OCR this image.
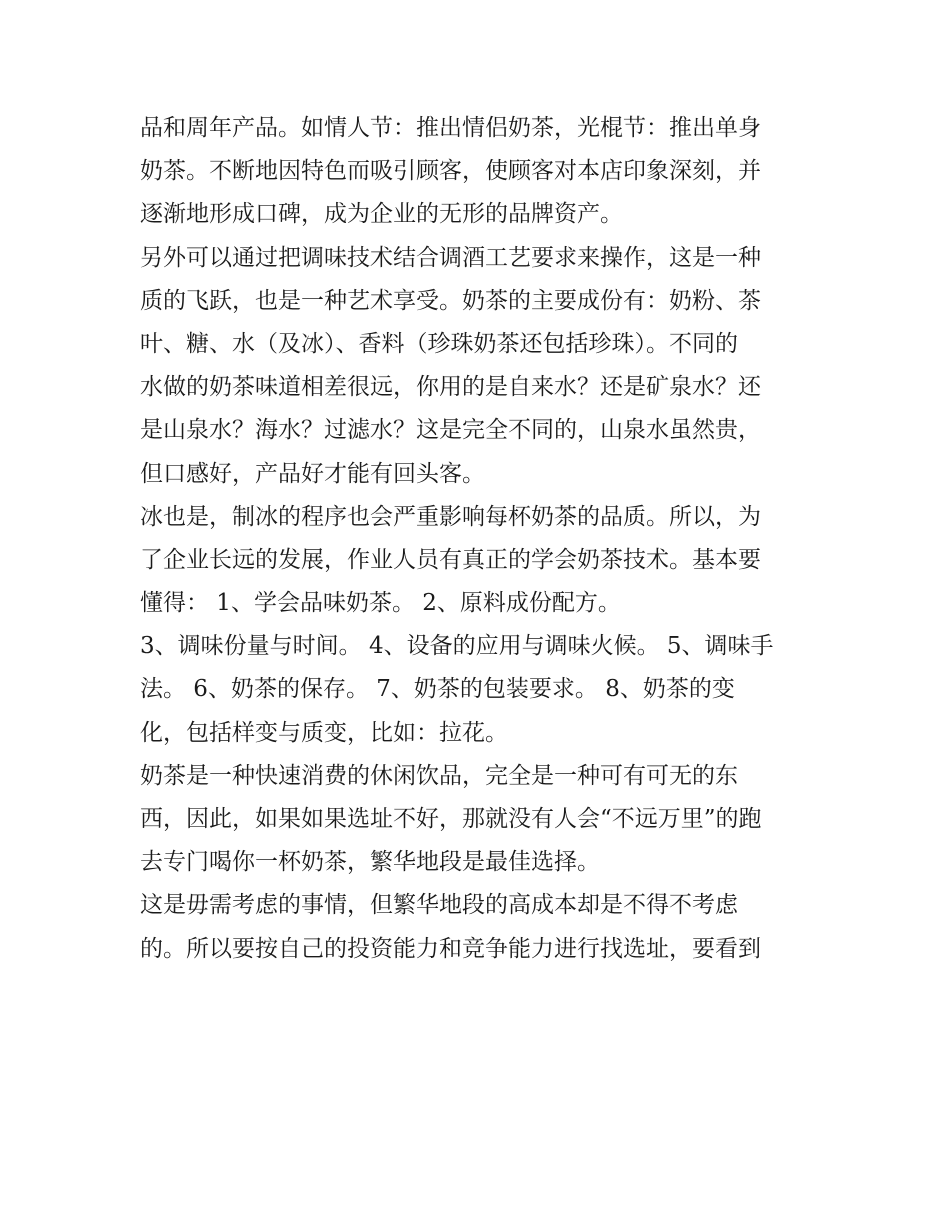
品和周年产品。如情人节：推出情侣奶茶，光棍节：推出单身
奶茶。不断地因特色而吸引顾客，使顾客对本店印象深刻，并
逐渐地形成口碑，成为企业的无形的品牌资产。
另外可以通过把调味技术结合调酒工艺要求来操作，这是一种
质的飞跃，也是一种艺术享受。奶茶的主要成份有：奶粉、茶
叶、糖、水（及冰）、香料（珍珠奶茶还包括珍珠）。不同的
水做的奶茶味道相差很远，你用的是自来水？还是矿泉水？还
是山泉水？海水？过滤水？这是完全不同的，山泉水虽然贵，
但口感好，产品好才能有回头客。
冰也是，制冰的程序也会严重影响每杯奶茶的品质。所以，为
了企业长远的发展，作业人员有真正的学会奶茶技术。基本要
懂得： 1、学会品味奶茶。 2、原料成份配方。
3、调味份量与时间。 4、设备的应用与调味火候。 5、调味手
法。 6、奶茶的保存。 7、奶茶的包装要求。 8、奶茶的变
化，包括样变与质变，比如：拉花。
奶茶是一种快速消费的休闲饮品，完全是一种可有可无的东
西，因此，如果如果选址不好，那就没有人会“不远万里”的跑
去专门喝你一杯奶茶，繁华地段是最佳选择。
这是毋需考虑的事情，但繁华地段的高成本却是不得不考虑
的。所以要按自己的投资能力和竞争能力进行找选址，要看到
